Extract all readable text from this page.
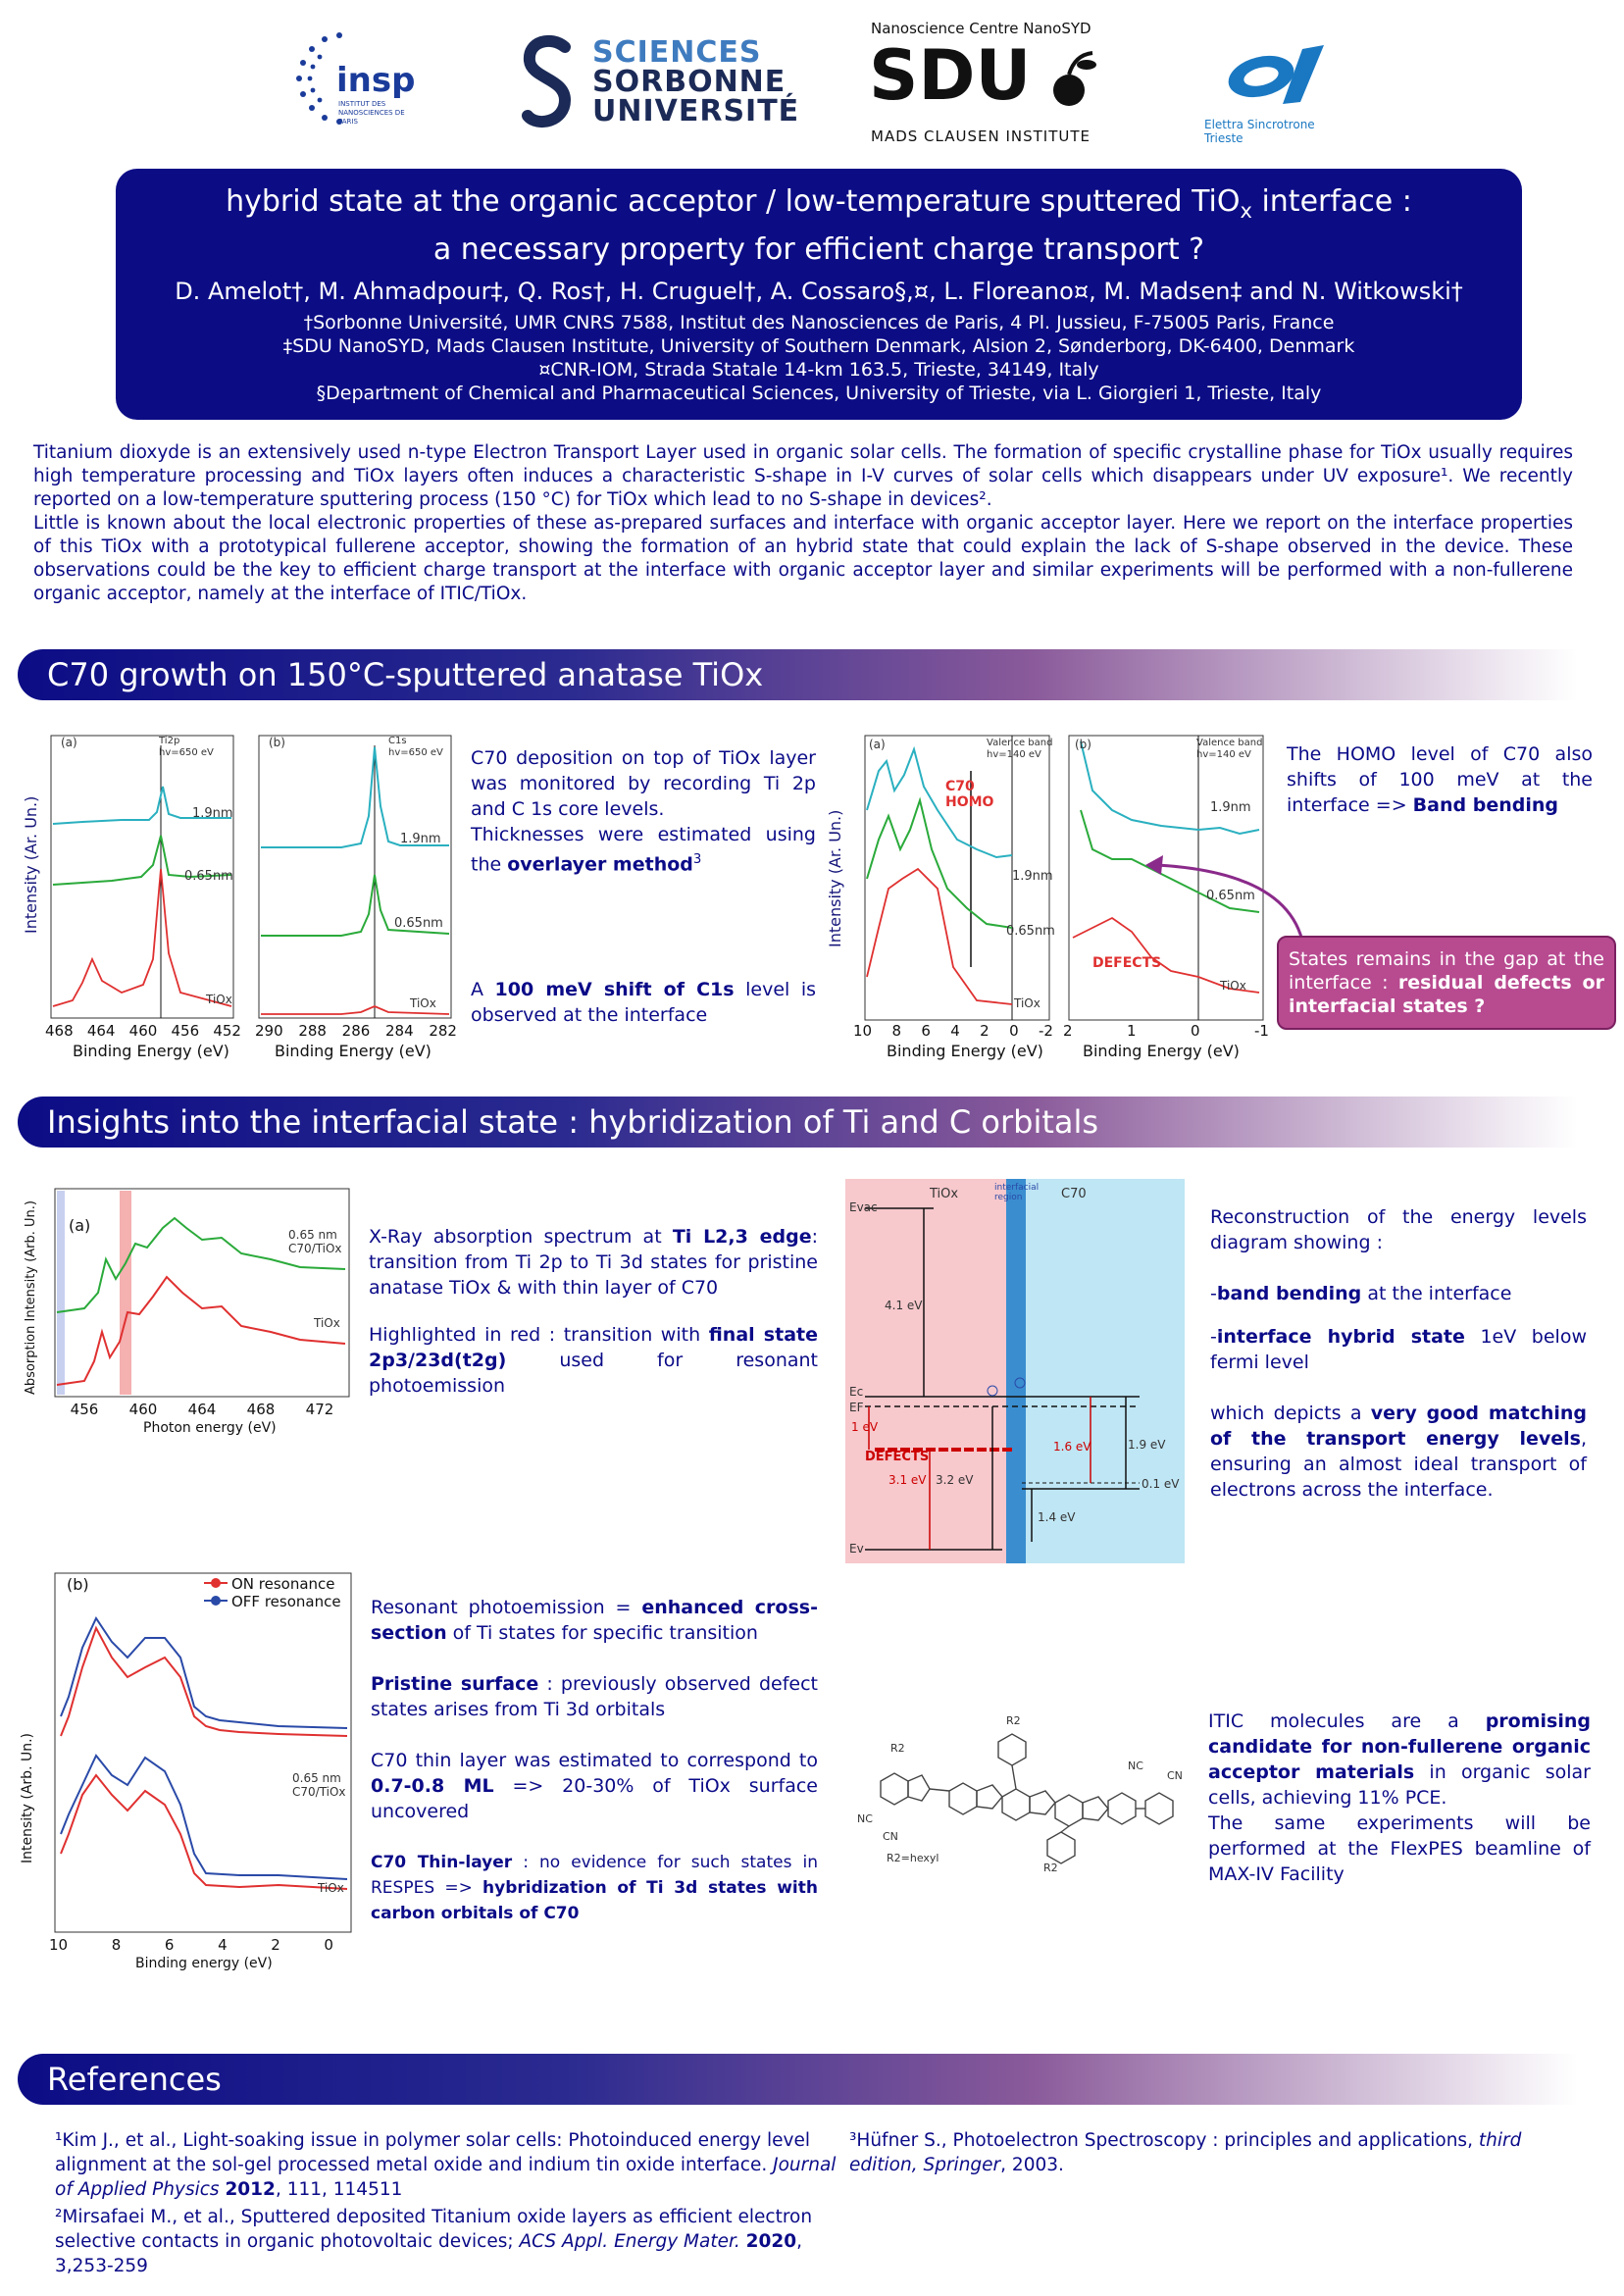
insp
INSTITUT DES NANOSCIENCES DE PARIS
SCIENCES
SORBONNE
UNIVERSITÉ
Nanoscience Centre NanoSYD
SDU
MADS CLAUSEN INSTITUTE
Elettra Sincrotrone Trieste
hybrid state at the organic acceptor / low-temperature sputtered TiO$_x$ interface :
a necessary property for efficient charge transport ?
D. Amelot†, M. Ahmadpour‡, Q. Ros†, H. Cruguel†, A. Cossaro§,¤, L. Floreano¤, M. Madsen‡ and N. Witkowski†
†Sorbonne Université, UMR CNRS 7588, Institut des Nanosciences de Paris, 4 Pl. Jussieu, F-75005 Paris, France
‡SDU NanoSYD, Mads Clausen Institute, University of Southern Denmark, Alsion 2, Sønderborg, DK-6400, Denmark
¤CNR-IOM, Strada Statale 14-km 163.5, Trieste, 34149, Italy
§Department of Chemical and Pharmaceutical Sciences, University of Trieste, via L. Giorgieri 1, Trieste, Italy
Titanium dioxyde is an extensively used n-type Electron Transport Layer used in organic solar cells. The formation of specific crystalline phase for TiOx usually requires high temperature processing and TiOx layers often induces a characteristic S-shape in I-V curves of solar cells which disappears under UV exposure¹. We recently reported on a low-temperature sputtering process (150 °C) for TiOx which lead to no S-shape in devices².
Little is known about the local electronic properties of these as-prepared surfaces and interface with organic acceptor layer. Here we report on the interface properties of this TiOx with a prototypical fullerene acceptor, showing the formation of an hybrid state that could explain the lack of S-shape observed in the device. These observations could be the key to efficient charge transport at the interface with organic acceptor layer and similar experiments will be performed with a non-fullerene organic acceptor, namely at the interface of ITIC/TiOx.
C70 growth on 150°C-sputtered anatase TiOx
Intensity (Ar. Un.)
(a)	Ti2p
hv=650 eV
1.9nm
0.65nm
TiOx
468 464 460 456 452
Binding Energy (eV)
(b)	C1s
hv=650 eV
1.9nm
0.65nm
TiOx
290 288 286 284 282
Binding Energy (eV)
C70 deposition on top of TiOx layer was monitored by recording Ti 2p and C 1s core levels.
Thicknesses were estimated using the overlayer method$^3$
A 100 meV shift of C1s level is observed at the interface
Intensity (Ar. Un.)
(a)	Valence band
hv=140 eV
C70 HOMO
1.9nm
0.65nm
TiOx
10 8 6 4 2 0 -2
Binding Energy (eV)
(b)	Valence band
hv=140 eV
1.9nm
0.65nm
DEFECTS
TiOx
2	1	0	-1
Binding Energy (eV)
The HOMO level of C70 also shifts of 100 meV at the interface => Band bending
States remains in the gap at the interface : residual defects or interfacial states ?
Insights into the interfacial state : hybridization of Ti and C orbitals
Absorption Intensity (Arb. Un.) (a)	0.65 nm
C70/TiOx
TiOx
456 460 464 468 472
Photon energy (eV)
X-Ray absorption spectrum at Ti L2,3 edge: transition from Ti 2p to Ti 3d states for pristine anatase TiOx & with thin layer of C70
Highlighted in red : transition with final state 2p3/23d(t2g) used for resonant photoemission
TiOx	C70
interfacial region
Evac
4.1 eV
Ec
EF
1 eV
DEFECTS
3.1 eV 3.2 eV
1.6 eV	1.9 eV
0.1 eV
1.4 eV
Ev
Reconstruction of the energy levels diagram showing :
-band bending at the interface
-interface hybrid state 1eV below fermi level
which depicts a very good matching of the transport energy levels, ensuring an almost ideal transport of electrons across the interface.
Intensity (Arb. Un.)
(b)	ON resonance
OFF resonance
0.65 nm
C70/TiOx
TiOx
10	8	6	4	2	0
Binding energy (eV)
Resonant photoemission = enhanced cross-section of Ti states for specific transition
Pristine surface : previously observed defect states arises from Ti 3d orbitals
C70 thin layer was estimated to correspond to 0.7-0.8 ML => 20-30% of TiOx surface uncovered
C70 Thin-layer : no evidence for such states in RESPES => hybridization of Ti 3d states with carbon orbitals of C70
R2
R2
R2
NC
CN
NC
CN
R2=hexyl
ITIC molecules are a promising candidate for non-fullerene organic acceptor materials in organic solar cells, achieving 11% PCE.
The same experiments will be performed at the FlexPES beamline of MAX-IV Facility
References
¹Kim J., et al., Light-soaking issue in polymer solar cells: Photoinduced energy level alignment at the sol-gel processed metal oxide and indium tin oxide interface. Journal of Applied Physics 2012, 111, 114511
²Mirsafaei M., et al., Sputtered deposited Titanium oxide layers as efficient electron selective contacts in organic photovoltaic devices; ACS Appl. Energy Mater. 2020, 3,253-259
³Hüfner S., Photoelectron Spectroscopy : principles and applications, third edition, Springer, 2003.
